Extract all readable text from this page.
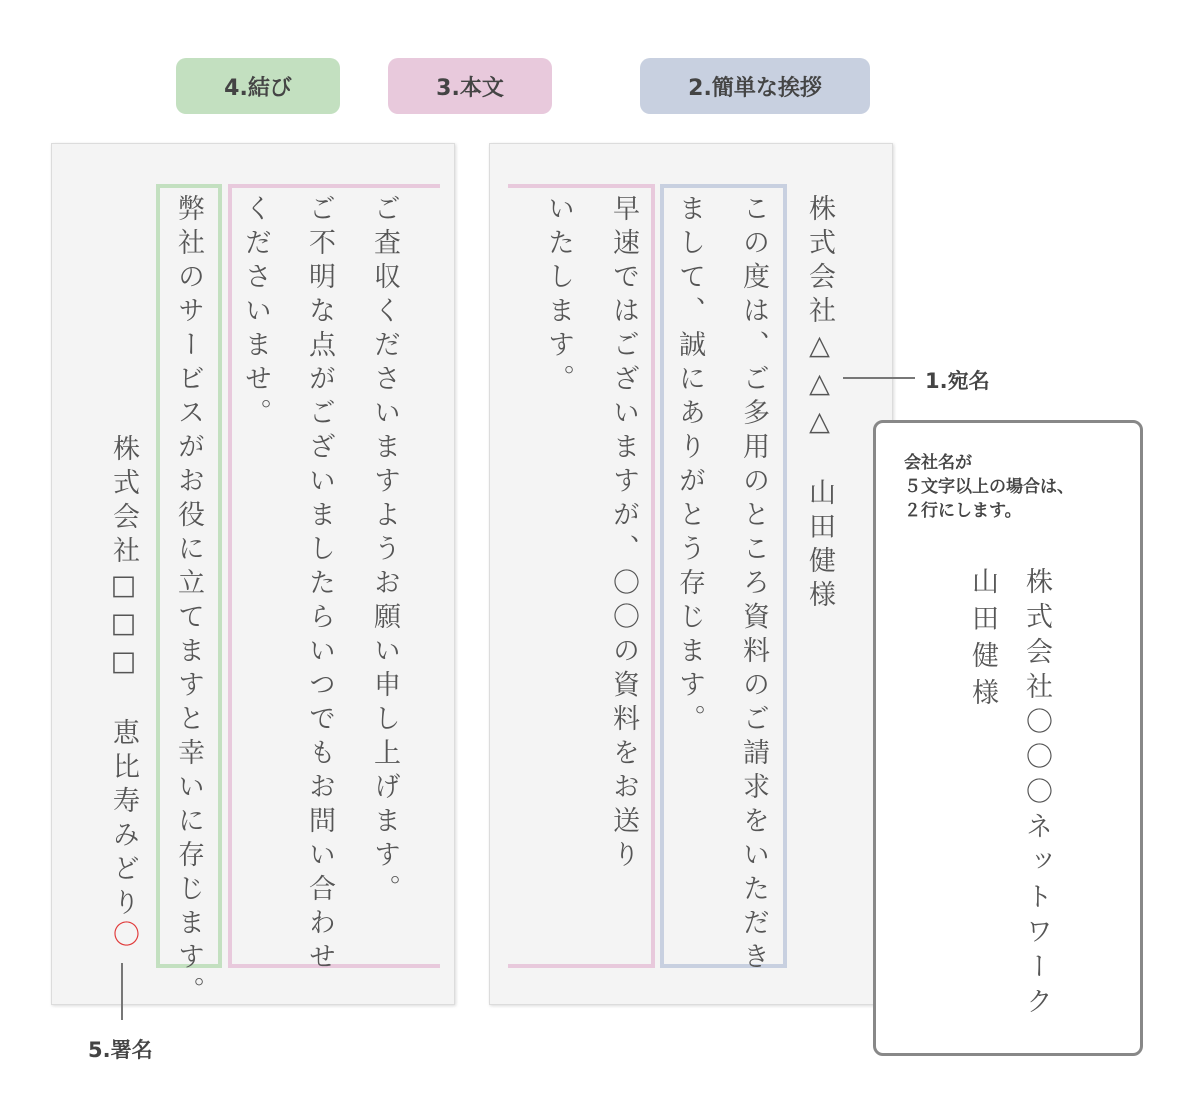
4.結び	3.本文	2.簡単な挨拶
株式会社□□□　恵比寿みどり
〇 弊社のサービスがお役に立てますと幸いに存じます。	ご査収くださいますようお願い申し上げます。
ご不明な点がございましたらいつでもお問い合わせ
くださいませ。	株式会社△△△　山田健様
この度は、ご多用のところ資料のご請求をいただき
まして、誠にありがとう存じます。
早速ではございますが、〇〇の資料をお送り
いたします。	1.宛名
5.署名
会社名が
５文字以上の場合は、
２行にします。
株式会社〇〇〇ネットワーク
山田健様
